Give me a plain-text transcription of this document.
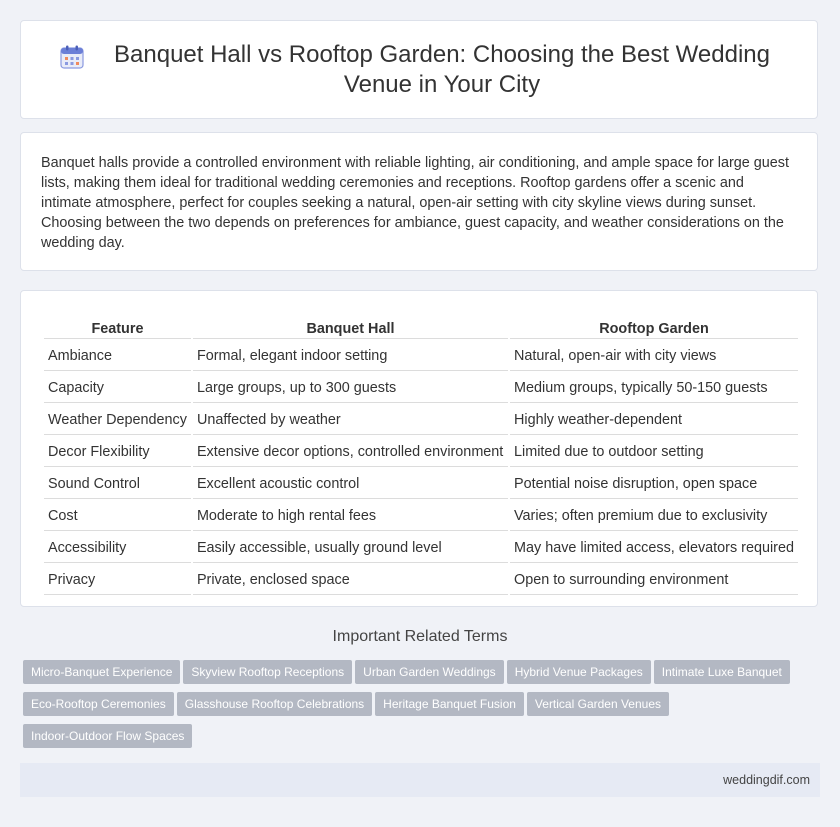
Banquet Hall vs Rooftop Garden: Choosing the Best Wedding Venue in Your City

Banquet halls provide a controlled environment with reliable lighting, air conditioning, and ample space for large guest lists, making them ideal for traditional wedding ceremonies and receptions. Rooftop gardens offer a scenic and intimate atmosphere, perfect for couples seeking a natural, open-air setting with city skyline views during sunset. Choosing between the two depends on preferences for ambiance, guest capacity, and weather considerations on the wedding day.

Feature	Banquet Hall	Rooftop Garden
Ambiance	Formal, elegant indoor setting	Natural, open-air with city views
Capacity	Large groups, up to 300 guests	Medium groups, typically 50-150 guests
Weather Dependency	Unaffected by weather	Highly weather-dependent
Decor Flexibility	Extensive decor options, controlled environment	Limited due to outdoor setting
Sound Control	Excellent acoustic control	Potential noise disruption, open space
Cost	Moderate to high rental fees	Varies; often premium due to exclusivity
Accessibility	Easily accessible, usually ground level	May have limited access, elevators required
Privacy	Private, enclosed space	Open to surrounding environment
Important Related Terms
Micro-Banquet Experience Skyview Rooftop Receptions Urban Garden Weddings Hybrid Venue Packages Intimate Luxe Banquet
Eco-Rooftop Ceremonies Glasshouse Rooftop Celebrations Heritage Banquet Fusion Vertical Garden Venues
Indoor-Outdoor Flow Spaces
weddingdif.com
